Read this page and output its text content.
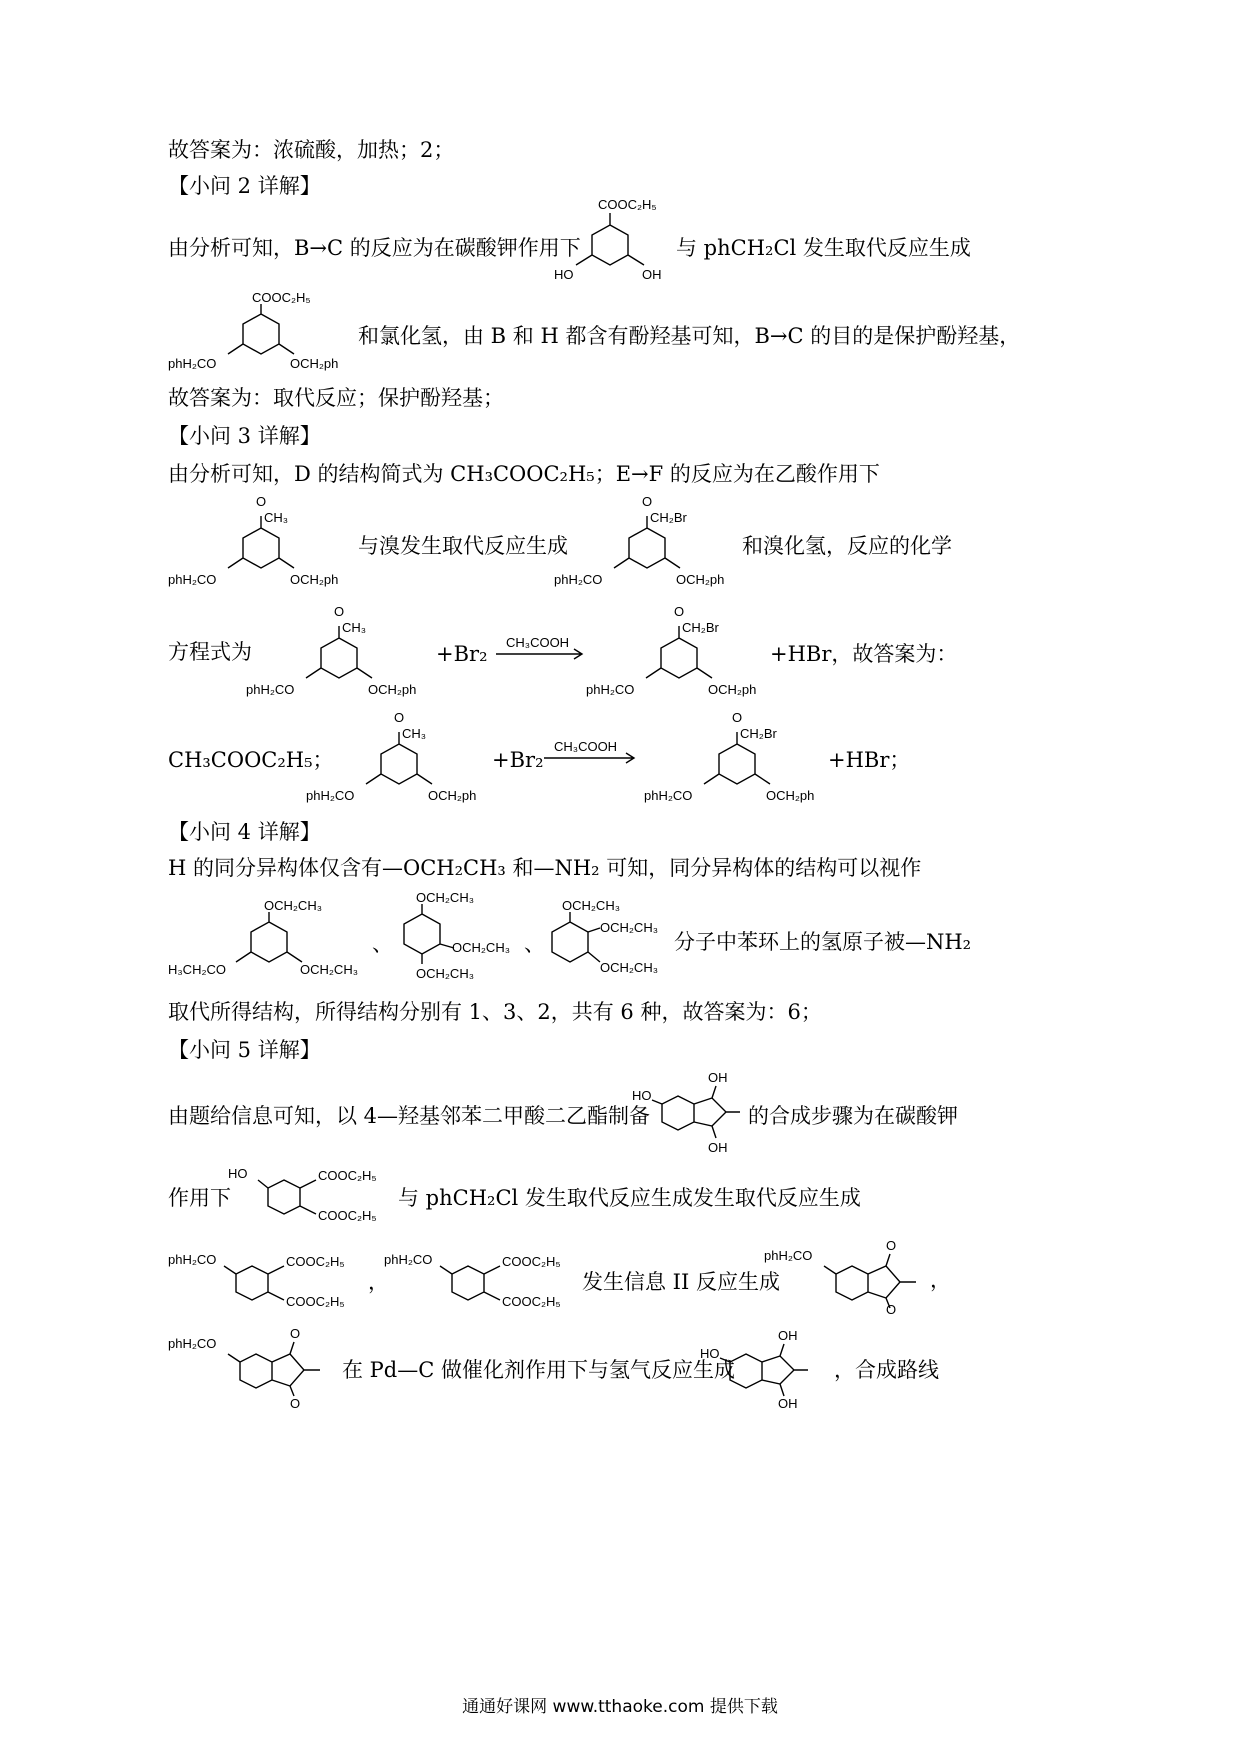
故答案为：浓硫酸，加热；2；
【小问 2 详解】
由分析可知，B→C 的反应为在碳酸钾作用下	与 phCH₂Cl 发生取代反应生成
和氯化氢，由 B 和 H 都含有酚羟基可知，B→C 的目的是保护酚羟基，
故答案为：取代反应；保护酚羟基；
【小问 3 详解】
由分析可知，D 的结构简式为 CH₃COOC₂H₅；E→F 的反应为在乙酸作用下
与溴发生取代反应生成	和溴化氢，反应的化学
方程式为	+Br₂	+HBr，故答案为：
CH₃COOC₂H₅；	+Br₂	+HBr；
【小问 4 详解】
H 的同分异构体仅含有—OCH₂CH₃ 和—NH₂ 可知，同分异构体的结构可以视作
、	、	分子中苯环上的氢原子被—NH₂
取代所得结构，所得结构分别有 1、3、2，共有 6 种，故答案为：6；
【小问 5 详解】
由题给信息可知，以 4—羟基邻苯二甲酸二乙酯制备	的合成步骤为在碳酸钾
作用下	与 phCH₂Cl 发生取代反应生成发生取代反应生成
，	发生信息 II 反应生成	，
在 Pd—C 做催化剂作用下与氢气反应生成	，合成路线
COOC₂H₅
HO	OH
COOC₂H₅
phH₂CO	OCH₂ph
O
CH₃
phH₂CO	OCH₂ph
O
CH₂Br
phH₂CO	OCH₂ph
O
CH₃
phH₂CO	OCH₂ph
CH₃COOH
O
CH₂Br
phH₂CO	OCH₂ph
O
CH₃
phH₂CO	OCH₂ph
CH₃COOH
O
CH₂Br
phH₂CO	OCH₂ph
OCH₂CH₃
H₃CH₂CO	OCH₂CH₃
OCH₂CH₃
OCH₂CH₃
OCH₂CH₃
OCH₂CH₃
OCH₂CH₃
OCH₂CH₃
OH
OH
HO
HO	COOC₂H₅
COOC₂H₅
phH₂CO	COOC₂H₅
COOC₂H₅
phH₂CO	COOC₂H₅
COOC₂H₅
O
O
phH₂CO
O
O
phH₂CO
OH
OH
HO
通通好课网 www.tthaoke.com 提供下载
